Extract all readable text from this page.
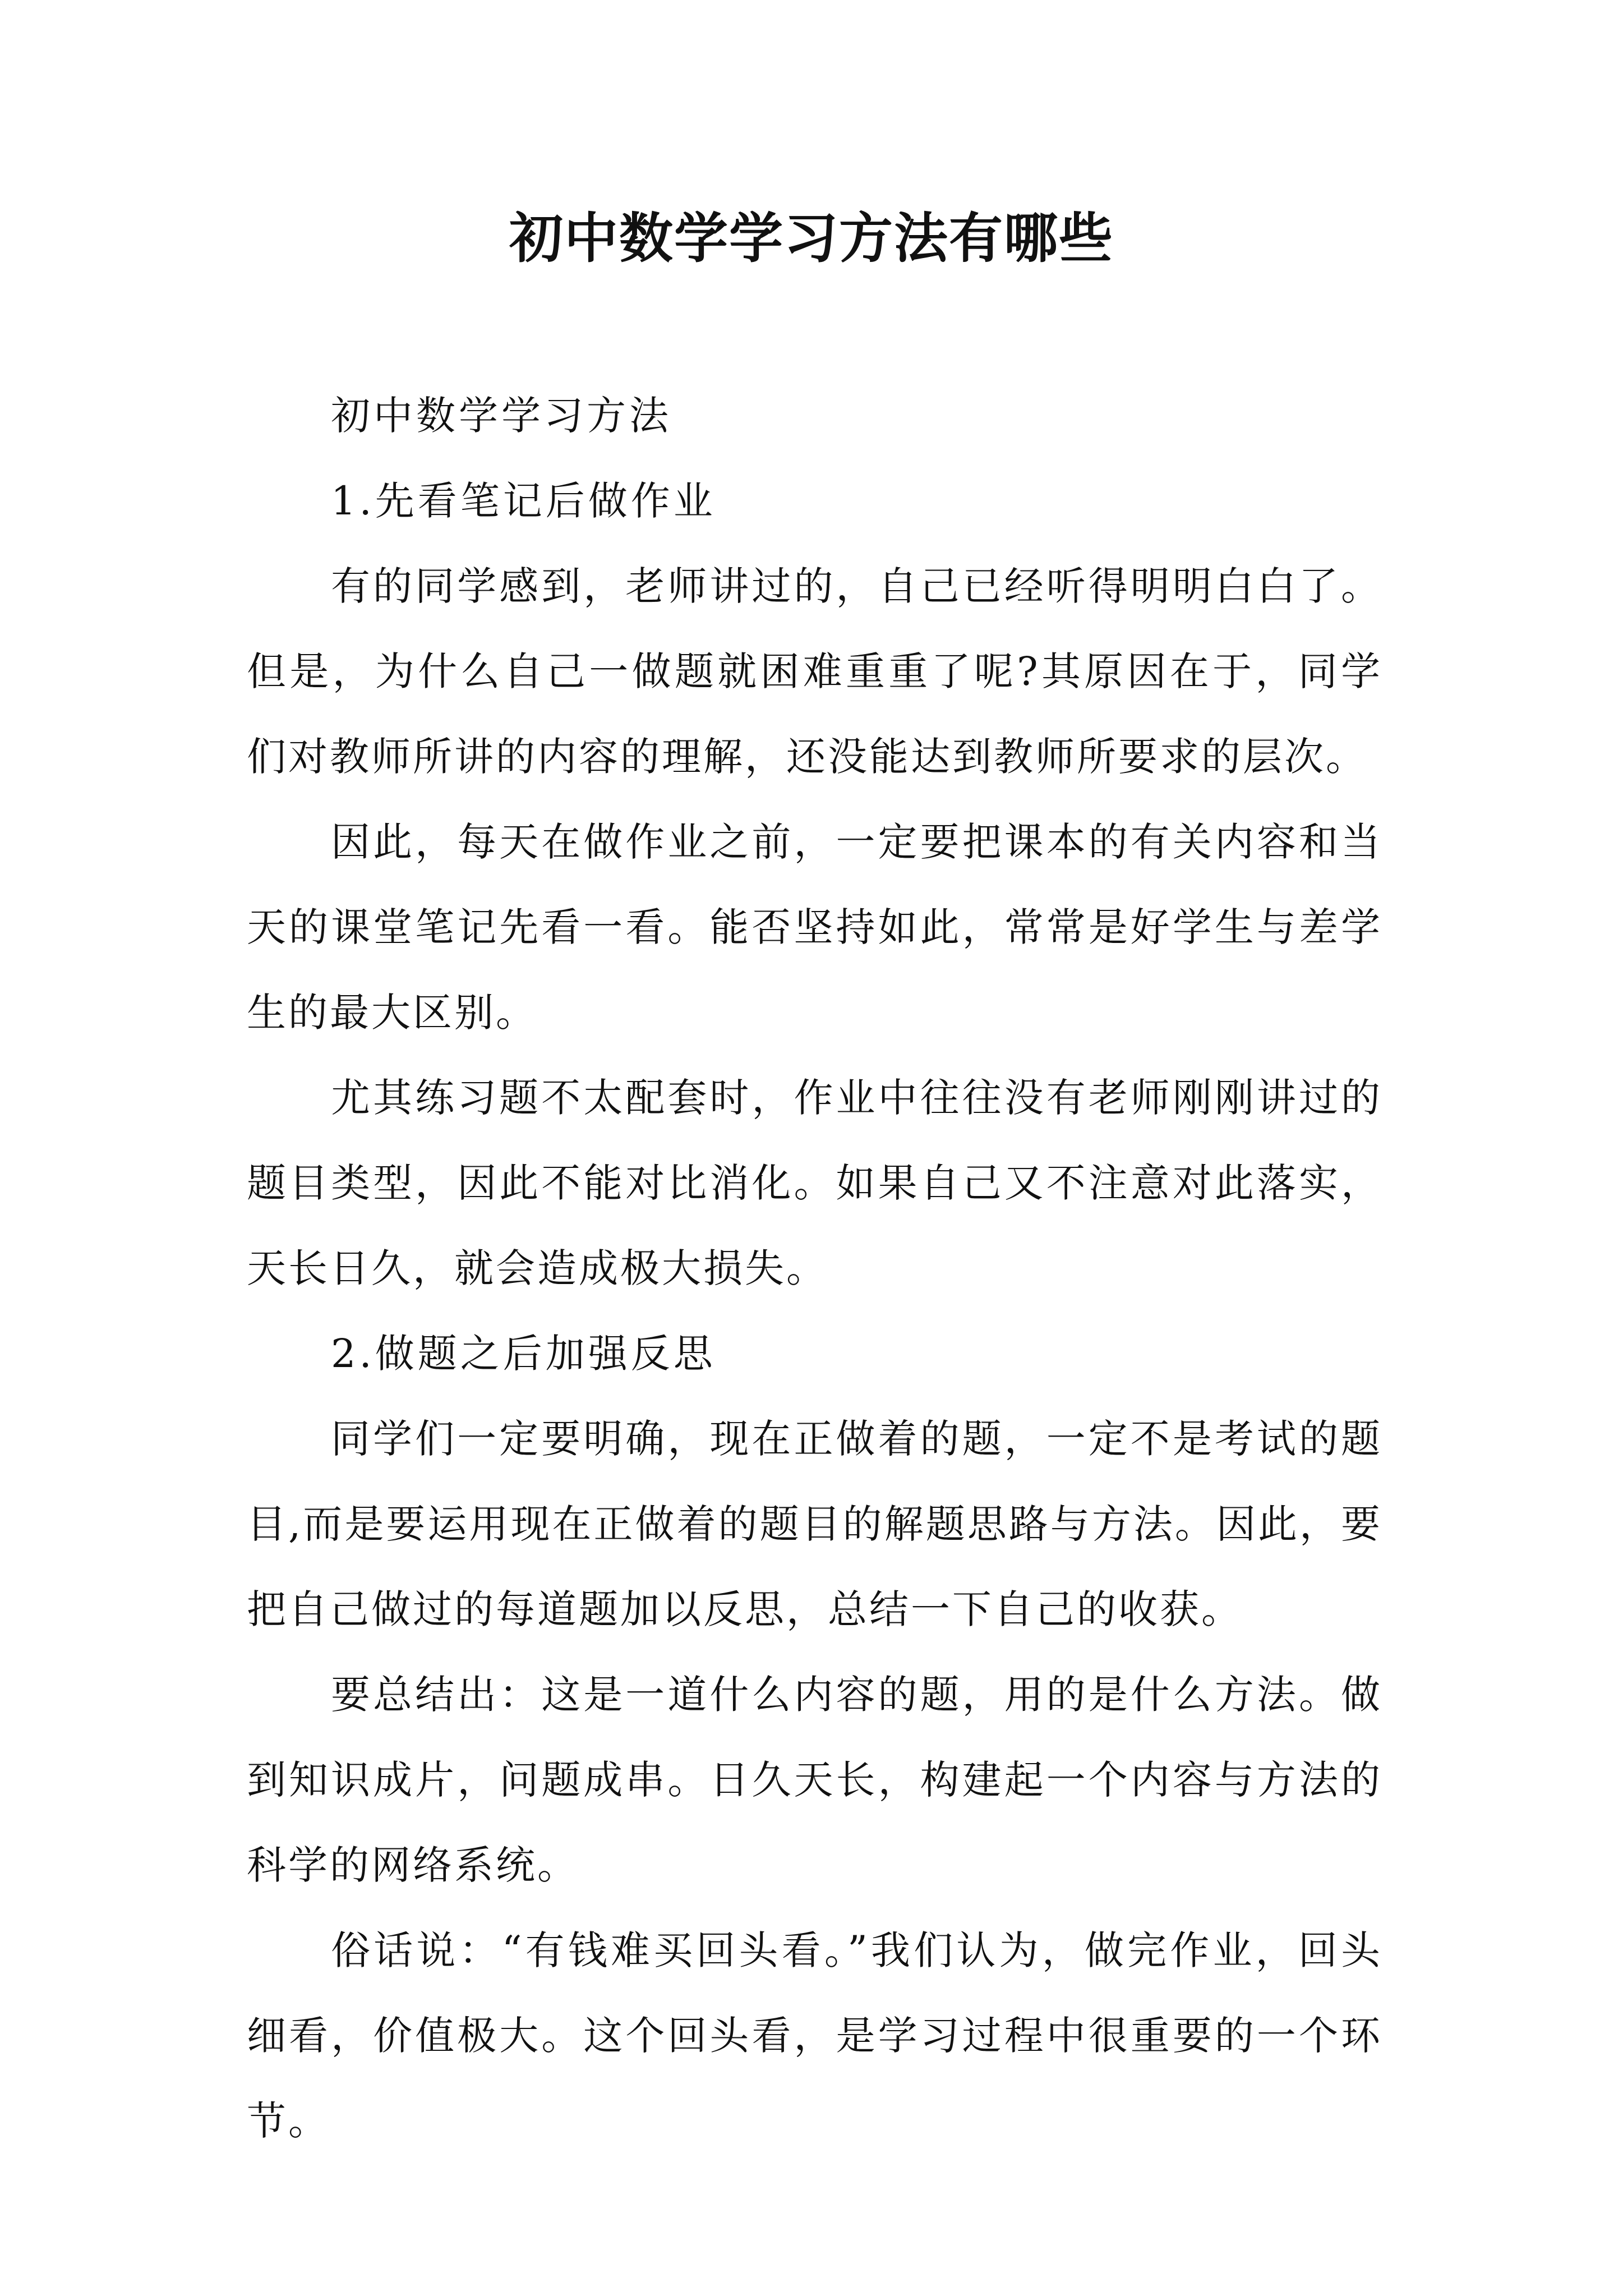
初中数学学习方法有哪些

初中数学学习方法

1.先看笔记后做作业

有的同学感到，老师讲过的，自己已经听得明明白白了。但是，为什么自己一做题就困难重重了呢?其原因在于，同学们对教师所讲的内容的理解，还没能达到教师所要求的层次。

因此，每天在做作业之前，一定要把课本的有关内容和当天的课堂笔记先看一看。能否坚持如此，常常是好学生与差学生的最大区别。

尤其练习题不太配套时，作业中往往没有老师刚刚讲过的题目类型，因此不能对比消化。如果自己又不注意对此落实，天长日久，就会造成极大损失。

2.做题之后加强反思

同学们一定要明确，现在正做着的题，一定不是考试的题目,而是要运用现在正做着的题目的解题思路与方法。因此，要把自己做过的每道题加以反思，总结一下自己的收获。

要总结出：这是一道什么内容的题，用的是什么方法。做到知识成片，问题成串。日久天长，构建起一个内容与方法的科学的网络系统。

俗话说：“有钱难买回头看。”我们认为，做完作业，回头细看，价值极大。这个回头看，是学习过程中很重要的一个环节。
